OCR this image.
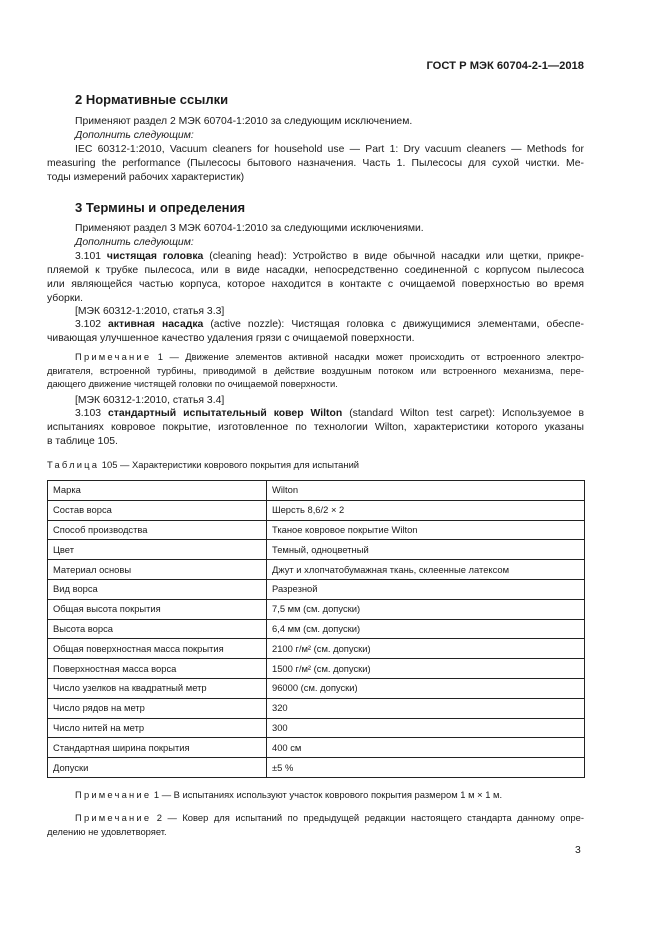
ГОСТ Р МЭК 60704-2-1—2018
2 Нормативные ссылки
Применяют раздел 2 МЭК 60704-1:2010 за следующим исключением.
Дополнить следующим:
IEC 60312-1:2010, Vacuum cleaners for household use — Part 1: Dry vacuum cleaners — Methods for
measuring the performance (Пылесосы бытового назначения. Часть 1. Пылесосы для сухой чистки. Ме-
тоды измерений рабочих характеристик)
3 Термины и определения
Применяют раздел 3 МЭК 60704-1:2010 за следующими исключениями.
Дополнить следующим:
3.101 чистящая головка (cleaning head): Устройство в виде обычной насадки или щетки, прикре-
пляемой к трубке пылесоса, или в виде насадки, непосредственно соединенной с корпусом пылесоса
или являющейся частью корпуса, которое находится в контакте с очищаемой поверхностью во время
уборки.
[МЭК 60312-1:2010, статья 3.3]
3.102 активная насадка (active nozzle): Чистящая головка с движущимися элементами, обеспе-
чивающая улучшенное качество удаления грязи с очищаемой поверхности.
Примечание 1 — Движение элементов активной насадки может происходить от встроенного электро-
двигателя, встроенной турбины, приводимой в действие воздушным потоком или встроенного механизма, пере-
дающего движение чистящей головки по очищаемой поверхности.
[МЭК 60312-1:2010, статья 3.4]
3.103 стандартный испытательный ковер Wilton (standard Wilton test carpet): Используемое в
испытаниях ковровое покрытие, изготовленное по технологии Wilton, характеристики которого указаны
в таблице 105.
Таблица 105 — Характеристики коврового покрытия для испытаний
Марка	Wilton
Состав ворса	Шерсть 8,6/2 × 2
Способ производства	Тканое ковровое покрытие Wilton
Цвет	Темный, одноцветный
Материал основы	Джут и хлопчатобумажная ткань, склеенные латексом
Вид ворса	Разрезной
Общая высота покрытия	7,5 мм (см. допуски)
Высота ворса	6,4 мм (см. допуски)
Общая поверхностная масса покрытия	2100 г/м² (см. допуски)
Поверхностная масса ворса	1500 г/м² (см. допуски)
Число узелков на квадратный метр	96000 (см. допуски)
Число рядов на метр	320
Число нитей на метр	300
Стандартная ширина покрытия	400 см
Допуски	±5 %
Примечание 1 — В испытаниях используют участок коврового покрытия размером 1 м × 1 м.
Примечание 2 — Ковер для испытаний по предыдущей редакции настоящего стандарта данному опре-
делению не удовлетворяет.
3
